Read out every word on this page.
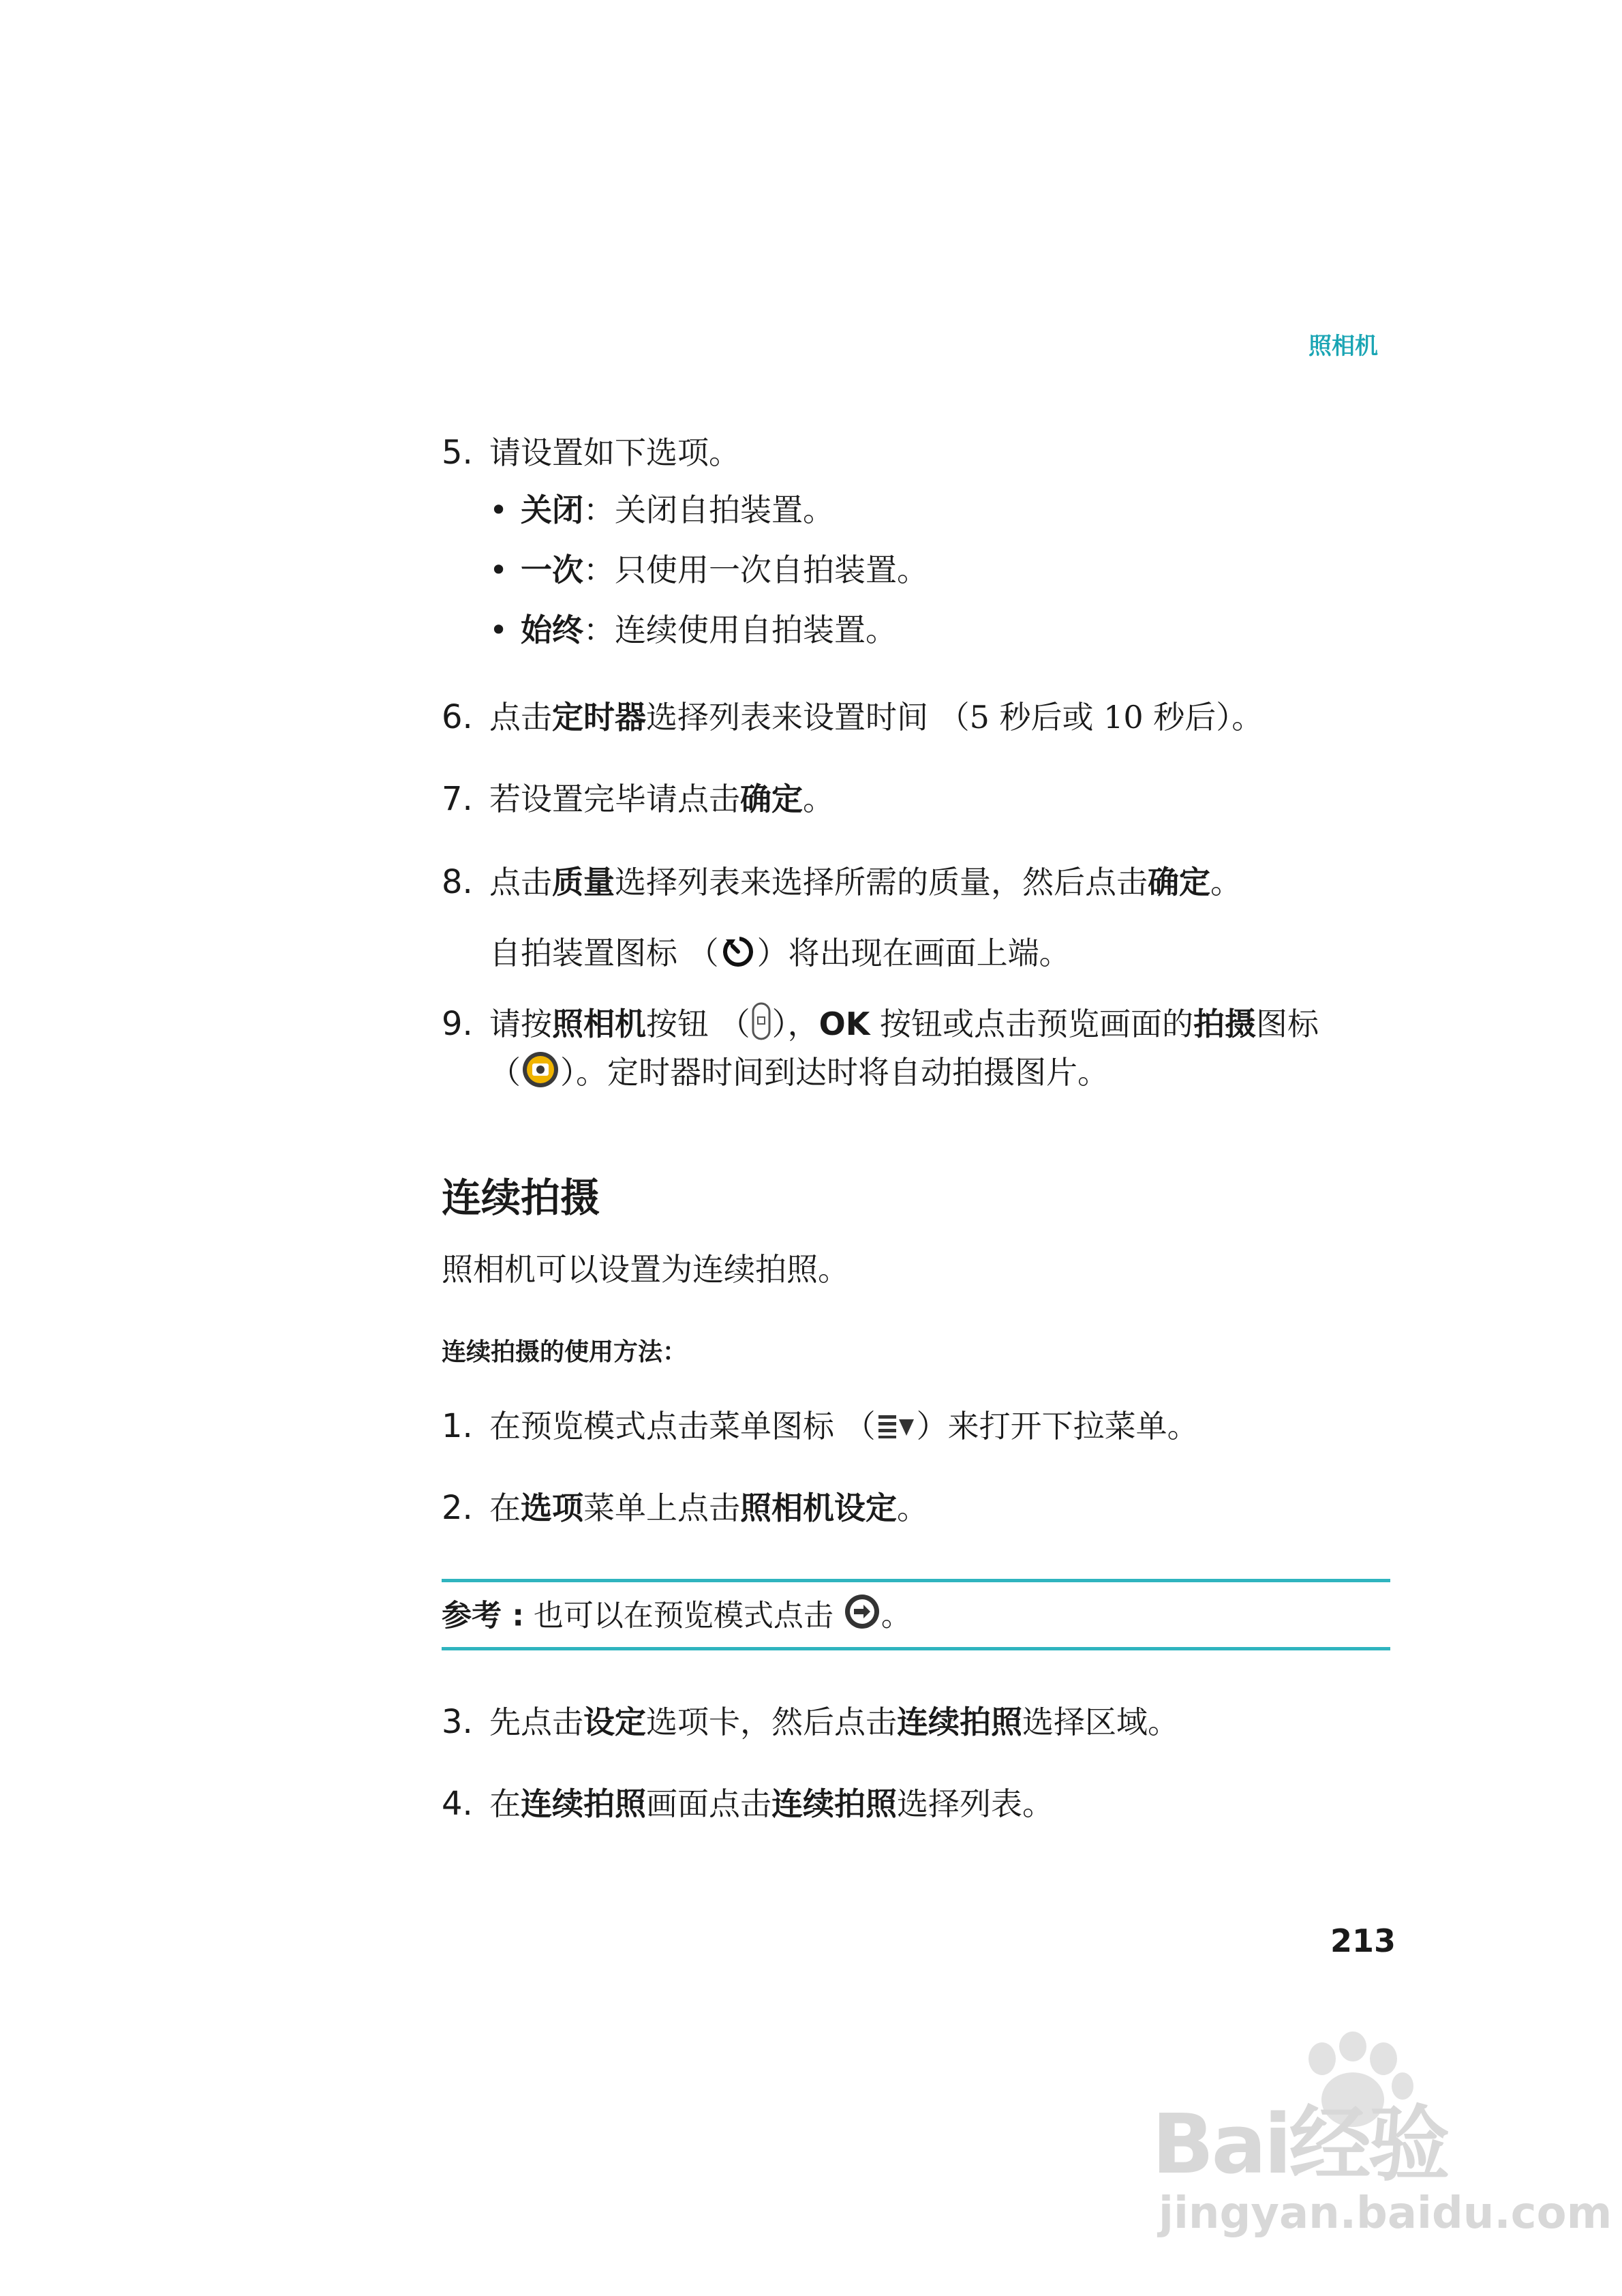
照相机
5. 请设置如下选项。
• 关闭：关闭自拍装置。
• 一次：只使用一次自拍装置。
• 始终：连续使用自拍装置。
6. 点击定时器选择列表来设置时间 （5 秒后或 10 秒后）。
7. 若设置完毕请点击确定。
8. 点击质量选择列表来选择所需的质量，然后点击确定。
自拍装置图标 （ ）将出现在画面上端。
9. 请按照相机按钮 （ ），OK 按钮或点击预览画面的拍摄图标
（ ）。定时器时间到达时将自动拍摄图片。
连续拍摄
照相机可以设置为连续拍照。
连续拍摄的使用方法：
1. 在预览模式点击菜单图标 （ ）来打开下拉菜单。
2. 在选项菜单上点击照相机设定。
参考 : 也可以在预览模式点击 。
3. 先点击设定选项卡，然后点击连续拍照选择区域。
4. 在连续拍照画面点击连续拍照选择列表。
213
Bai经验
jingyan.baidu.com
